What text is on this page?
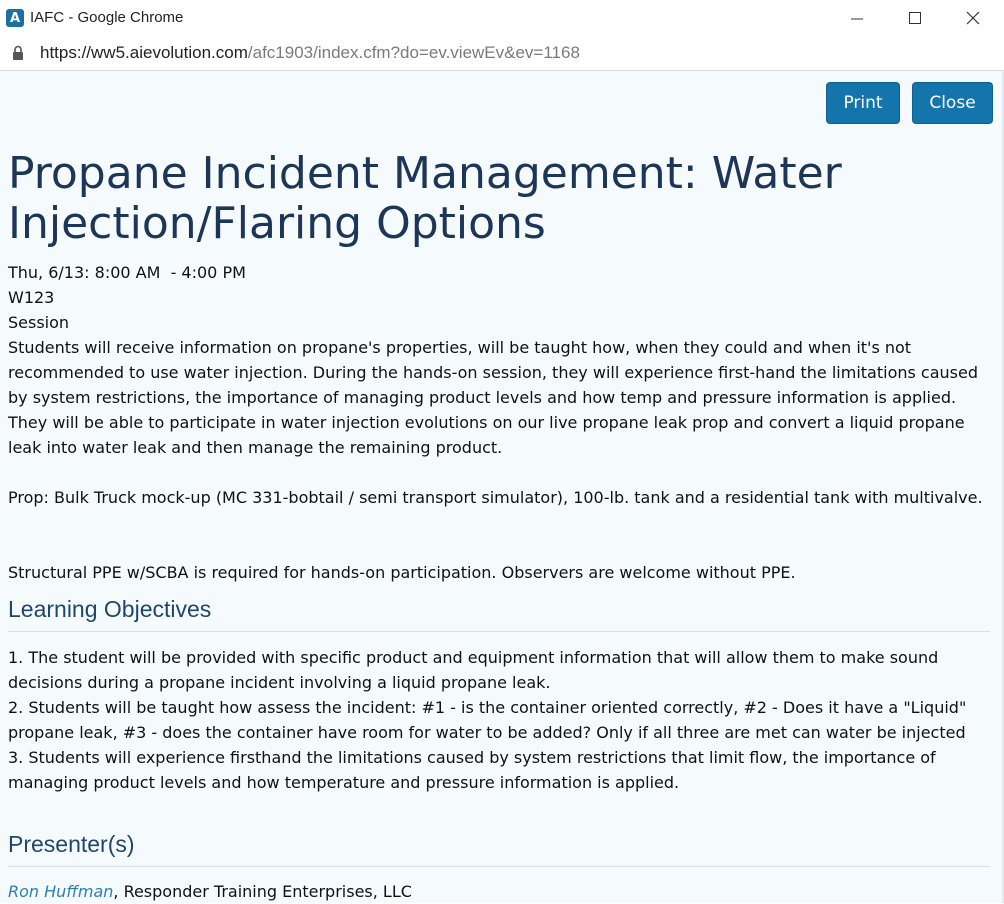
A IAFC - Google Chrome
https://ww5.aievolution.com/afc1903/index.cfm?do=ev.viewEv&ev=1168
Print	Close
Propane Incident Management: Water Injection/Flaring Options
Thu, 6/13: 8:00 AM  - 4:00 PM
W123
Session
Students will receive information on propane's properties, will be taught how, when they could and when it's not recommended to use water injection. During the hands-on session, they will experience first-hand the limitations caused by system restrictions, the importance of managing product levels and how temp and pressure information is applied. They will be able to participate in water injection evolutions on our live propane leak prop and convert a liquid propane leak into water leak and then manage the remaining product.
Prop: Bulk Truck mock-up (MC 331-bobtail / semi transport simulator), 100-lb. tank and a residential tank with multivalve.
Structural PPE w/SCBA is required for hands-on participation. Observers are welcome without PPE.
Learning Objectives
1. The student will be provided with specific product and equipment information that will allow them to make sound decisions during a propane incident involving a liquid propane leak.
2. Students will be taught how assess the incident: #1 - is the container oriented correctly, #2 - Does it have a "Liquid" propane leak, #3 - does the container have room for water to be added? Only if all three are met can water be injected
3. Students will experience firsthand the limitations caused by system restrictions that limit flow, the importance of managing product levels and how temperature and pressure information is applied.
Presenter(s)
Ron Huffman, Responder Training Enterprises, LLC
